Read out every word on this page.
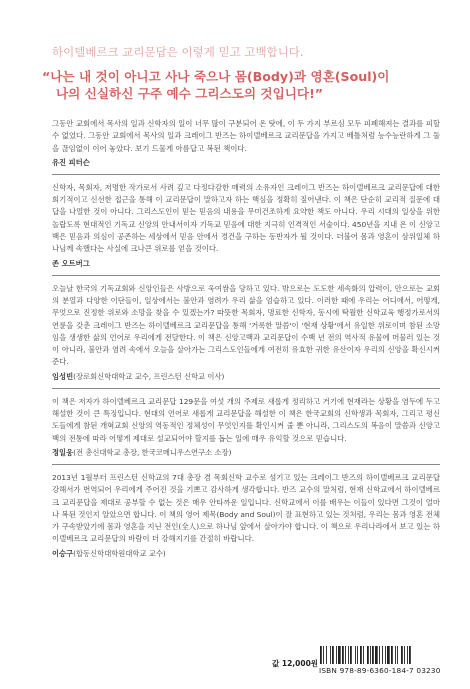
하이델베르크 교리문답은 이렇게 믿고 고백합니다.
“나는 내 것이 아니고 사나 죽으나 몸(Body)과 영혼(Soul)이
나의 신실하신 구주 예수 그리스도의 것입니다!”

그동안 교회에서 목사의 일과 신학자의 일이 너무 많이 구분되어 온 탓에, 이 두 가지 부르심 모두 피폐해져는 결과를 피할 수 없었다. 그동안 교회에서 목사의 일과 크레이그 반즈는 하이델베르크 교리문답을 가지고 베틀처럼 능수능란하게 그 둘을 끊임없이 이어 놓았다. 보기 드물게 아름답고 복된 책이다.

유진 피터슨

신학자, 목회자, 저명한 작가로서 사려 깊고 다정다감한 매력의 소유자인 크레이그 반즈는 하이델베르크 교리문답에 대한 회기적이고 신선한 접근을 통해 이 교리문답이 말하고자 하는 핵심을 정확히 짚어낸다. 이 책은 단순히 교리적 질문에 대답을 나열한 것이 아니다. 그리스도인이 믿는 믿음의 내용을 무미건조하게 요약한 책도 아니다. 우리 시대의 일상을 위한 놀랍도록 현대적인 기독교 신앙의 안내서이자 기독교 믿음에 대한 지극히 인격적인 서술이다. 450년을 지내 온 이 신앙고백은 믿음과 의심이 공존하는 세상에서 믿음 안에서 경건을 구하는 동반자가 될 것이다. 더불어 몸과 영혼이 삼위일체 하나님께 속했다는 사실에 크나큰 위로를 얻을 것이다.

존 오트버그

오늘날 한국의 기독교회와 신앙인들은 사방으로 욱여쌈을 당하고 있다. 밖으로는 도도한 세속화의 압력이, 안으로는 교회의 분열과 다양한 이단들이, 일상에서는 불안과 염려가 우리 삶을 엄습하고 있다. 이러한 때에 우리는 어디에서, 어떻게, 무엇으로 진정한 위로와 소망을 찾을 수 있겠는가? 따뜻한 목회자, 명료한 신학자, 동시에 탁월한 신학교육 행정가로서의 연륜을 갖춘 크레이그 반즈는 하이델베르크 교리문답을 통해 '거룩한 말씀'이 '현재 상황'에서 유일한 위로이며 참된 소망임을 생생한 삶의 언어로 우리에게 전달한다. 이 책은 신앙고백과 교리문답이 수백 년 전의 역사적 유물에 머물러 있는 것이 아니라, 불안과 염려 속에서 오늘을 살아가는 그리스도인들에게 여전히 유효한 귀한 유산이자 우리의 신앙을 확신시켜 준다.

임성빈(장로회신학대학교 교수, 프린스턴 신학교 이사)

이 책은 저자가 하이델베르크 교리문답 129문을 여섯 개의 주제로 새롭게 정리하고 거기에 현재라는 상황을 염두에 두고 해설한 것이 큰 특징입니다. 현대의 언어로 새롭게 교리문답을 해설한 이 책은 한국교회의 신학생과 목회자, 그리고 평신도들에게 참된 개혁교회 신앙의 역동적인 정체성이 무엇인지를 확인시켜 줄 뿐 아니라, 그리스도의 복음이 말씀과 신앙고백의 전통에 따라 어떻게 제대로 설교되어야 할지를 돕는 일에 매우 유익할 것으로 믿습니다.

정일웅(전 총신대학교 총장, 한국코메니우스연구소 소장)

2013년 1월부터 프린스턴 신학교의 7대 총장 겸 목회신학 교수로 섬기고 있는 크레이그 반즈의 하이델베르크 교리문답 강해서가 번역되어 우리에게 주어진 것을 기쁘고 감사하게 생각합니다. 반즈 교수의 말처럼, 현재 신학교에서 하이델베르크 교리문답을 제대로 공부할 수 없는 것은 매우 안타까운 일입니다. 신학교에서 이를 배우는 이들이 있다면 그것이 얼마나 복된 것인지 알았으면 합니다. 이 책의 영어 제목(Body and Soul)이 잘 표현하고 있는 것처럼, 우리는 몸과 영혼 전체가 구속받았기에 몸과 영혼을 지닌 전인(全人)으로 하나님 앞에서 살아가야 합니다. 이 책으로 우리나라에서 보고 있는 하이델베르크 교리문답의 바람이 더 강해지기를 간절히 바랍니다.

이승구(합동신학대학원대학교 교수)
값 12,000원
ISBN 978-89-6360-184-7 03230
